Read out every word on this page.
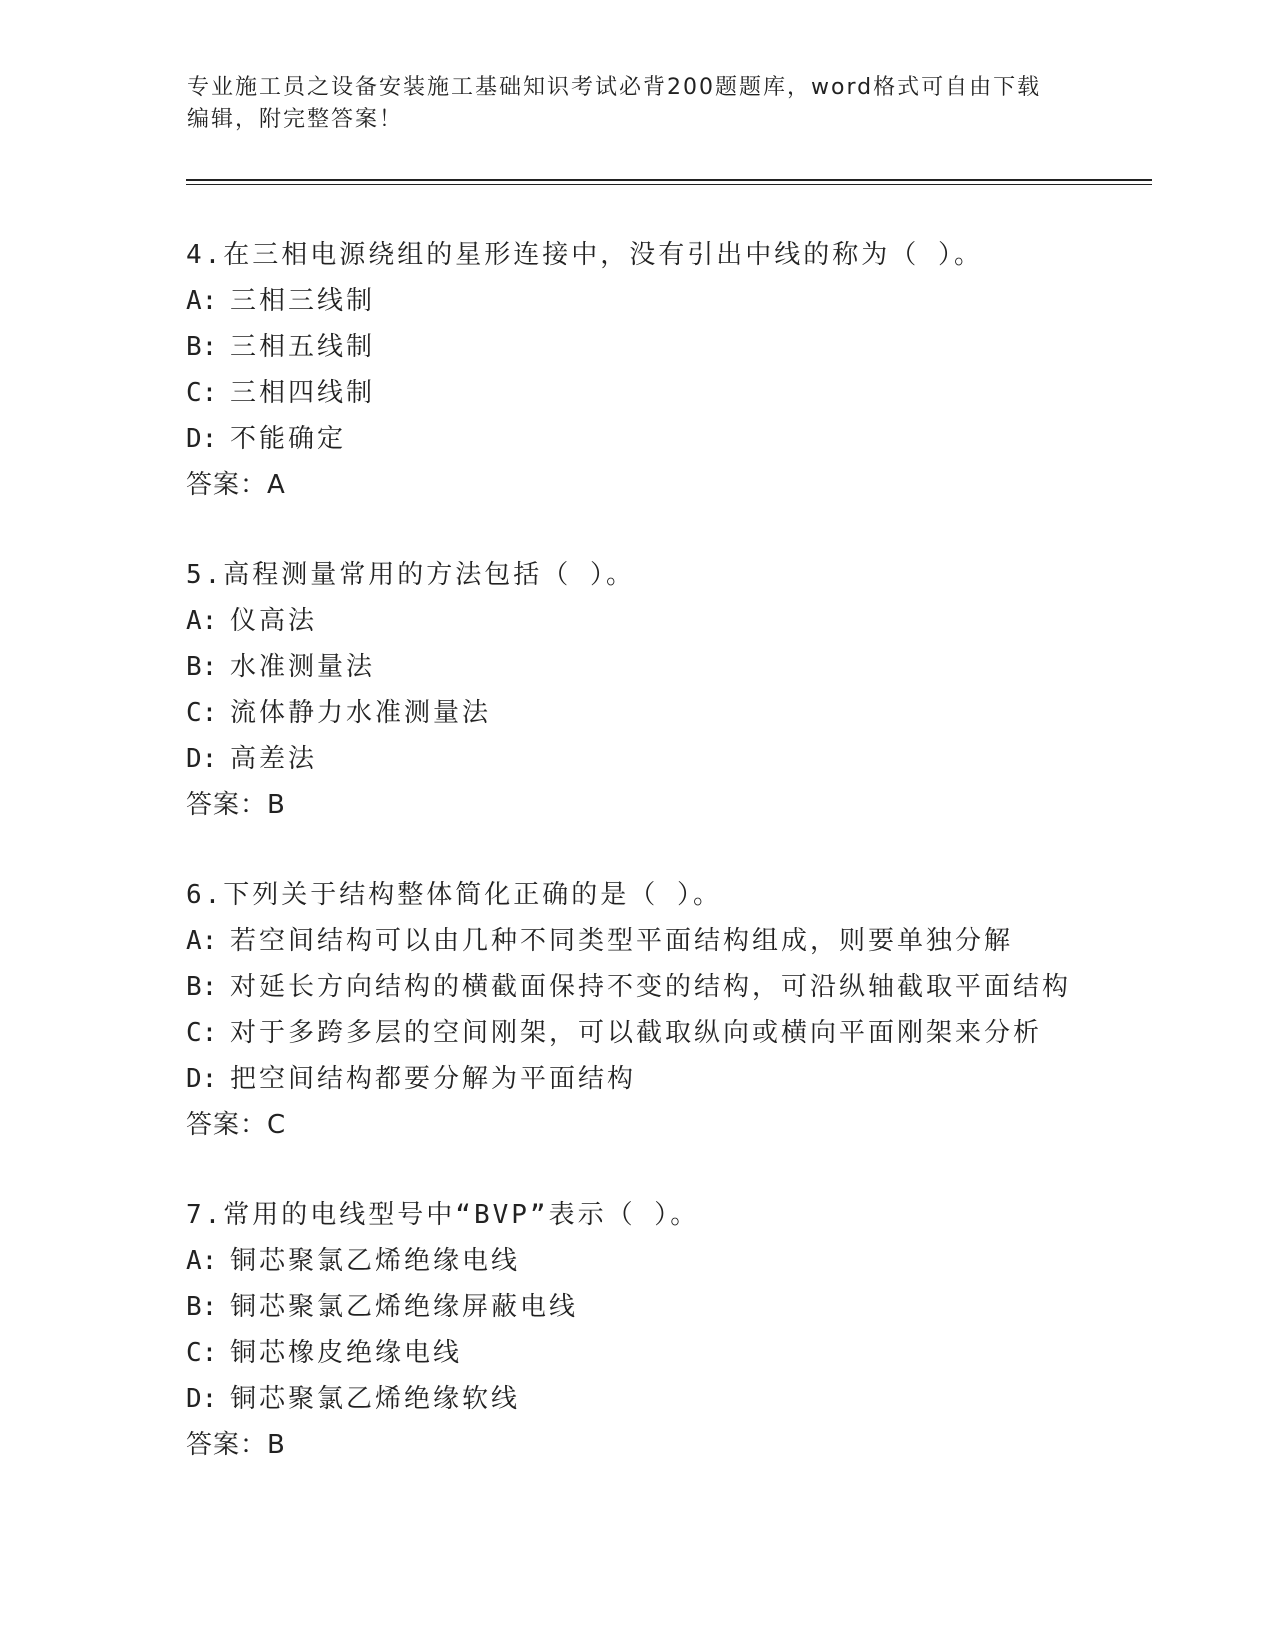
专业施工员之设备安装施工基础知识考试必背200题题库，word格式可自由下载
编辑，附完整答案！
4.在三相电源绕组的星形连接中，没有引出中线的称为（ ）。
A: 三相三线制
B: 三相五线制
C: 三相四线制
D: 不能确定
答案：A
5.高程测量常用的方法包括（ ）。
A: 仪高法
B: 水准测量法
C: 流体静力水准测量法
D: 高差法
答案：B
6.下列关于结构整体简化正确的是（ ）。
A: 若空间结构可以由几种不同类型平面结构组成，则要单独分解
B: 对延长方向结构的横截面保持不变的结构，可沿纵轴截取平面结构
C: 对于多跨多层的空间刚架，可以截取纵向或横向平面刚架来分析
D: 把空间结构都要分解为平面结构
答案：C
7.常用的电线型号中“BVP”表示（ ）。
A: 铜芯聚氯乙烯绝缘电线
B: 铜芯聚氯乙烯绝缘屏蔽电线
C: 铜芯橡皮绝缘电线
D: 铜芯聚氯乙烯绝缘软线
答案：B
